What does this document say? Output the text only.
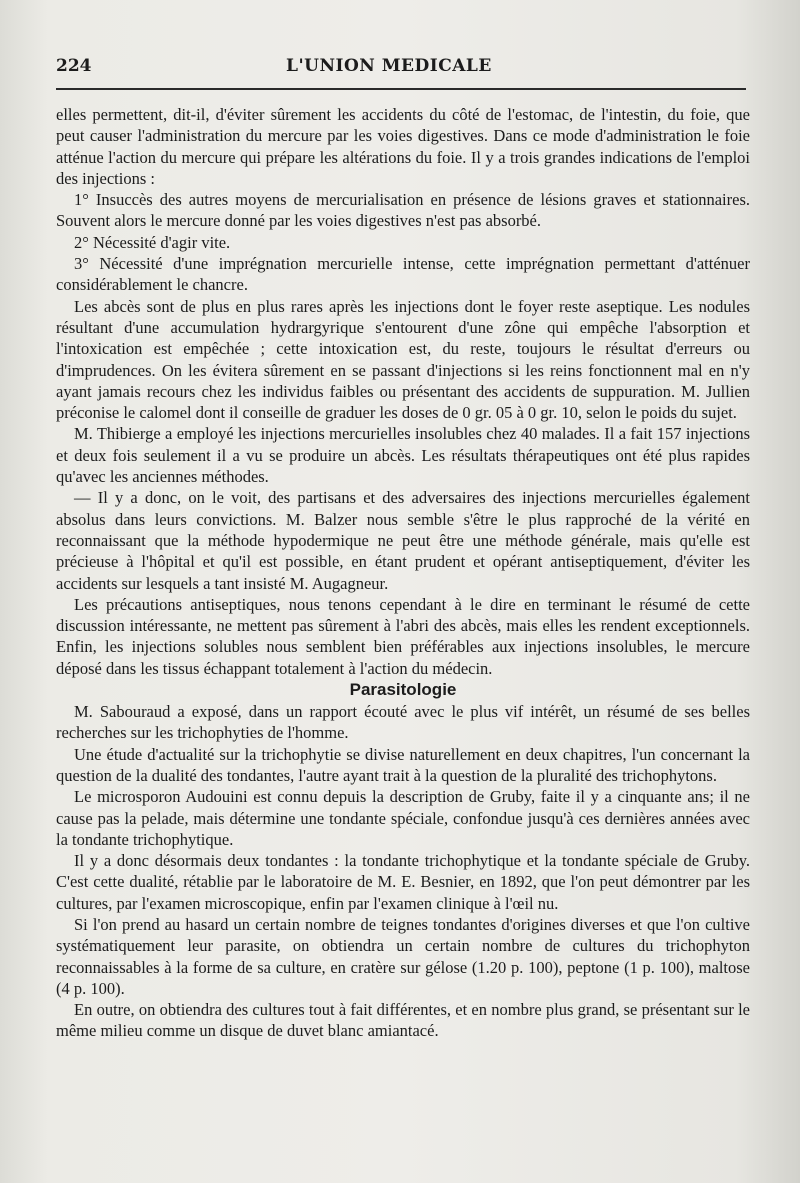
224	L'UNION MEDICALE

elles permettent, dit-il, d'éviter sûrement les accidents du côté de l'estomac, de l'intestin, du foie, que peut causer l'administration du mercure par les voies digestives. Dans ce mode d'administration le foie atténue l'action du mercure qui prépare les altérations du foie. Il y a trois grandes indications de l'emploi des injections :

1° Insuccès des autres moyens de mercurialisation en présence de lésions graves et stationnaires. Souvent alors le mercure donné par les voies digestives n'est pas absorbé.

2° Nécessité d'agir vite.

3° Nécessité d'une imprégnation mercurielle intense, cette imprégnation permettant d'atténuer considérablement le chancre.

Les abcès sont de plus en plus rares après les injections dont le foyer reste aseptique. Les nodules résultant d'une accumulation hydrargyrique s'entourent d'une zône qui empêche l'absorption et l'intoxication est empêchée ; cette intoxication est, du reste, toujours le résultat d'erreurs ou d'imprudences. On les évitera sûrement en se passant d'injections si les reins fonctionnent mal en n'y ayant jamais recours chez les individus faibles ou présentant des accidents de suppuration. M. Jullien préconise le calomel dont il conseille de graduer les doses de 0 gr. 05 à 0 gr. 10, selon le poids du sujet.

M. Thibierge a employé les injections mercurielles insolubles chez 40 malades. Il a fait 157 injections et deux fois seulement il a vu se produire un abcès. Les résultats thérapeutiques ont été plus rapides qu'avec les anciennes méthodes.

— Il y a donc, on le voit, des partisans et des adversaires des injections mercurielles également absolus dans leurs convictions. M. Balzer nous semble s'être le plus rapproché de la vérité en reconnaissant que la méthode hypodermique ne peut être une méthode générale, mais qu'elle est précieuse à l'hôpital et qu'il est possible, en étant prudent et opérant antiseptiquement, d'éviter les accidents sur lesquels a tant insisté M. Augagneur.

Les précautions antiseptiques, nous tenons cependant à le dire en terminant le résumé de cette discussion intéressante, ne mettent pas sûrement à l'abri des abcès, mais elles les rendent exceptionnels. Enfin, les injections solubles nous semblent bien préférables aux injections insolubles, le mercure déposé dans les tissus échappant totalement à l'action du médecin.

Parasitologie

M. Sabouraud a exposé, dans un rapport écouté avec le plus vif intérêt, un résumé de ses belles recherches sur les trichophyties de l'homme.

Une étude d'actualité sur la trichophytie se divise naturellement en deux chapitres, l'un concernant la question de la dualité des tondantes, l'autre ayant trait à la question de la pluralité des trichophytons.

Le microsporon Audouini est connu depuis la description de Gruby, faite il y a cinquante ans; il ne cause pas la pelade, mais détermine une tondante spéciale, confondue jusqu'à ces dernières années avec la tondante trichophytique.

Il y a donc désormais deux tondantes : la tondante trichophytique et la tondante spéciale de Gruby. C'est cette dualité, rétablie par le laboratoire de M. E. Besnier, en 1892, que l'on peut démontrer par les cultures, par l'examen microscopique, enfin par l'examen clinique à l'œil nu.

Si l'on prend au hasard un certain nombre de teignes tondantes d'origines diverses et que l'on cultive systématiquement leur parasite, on obtiendra un certain nombre de cultures du trichophyton reconnaissables à la forme de sa culture, en cratère sur gélose (1.20 p. 100), peptone (1 p. 100), maltose (4 p. 100).

En outre, on obtiendra des cultures tout à fait différentes, et en nombre plus grand, se présentant sur le même milieu comme un disque de duvet blanc amiantacé.
